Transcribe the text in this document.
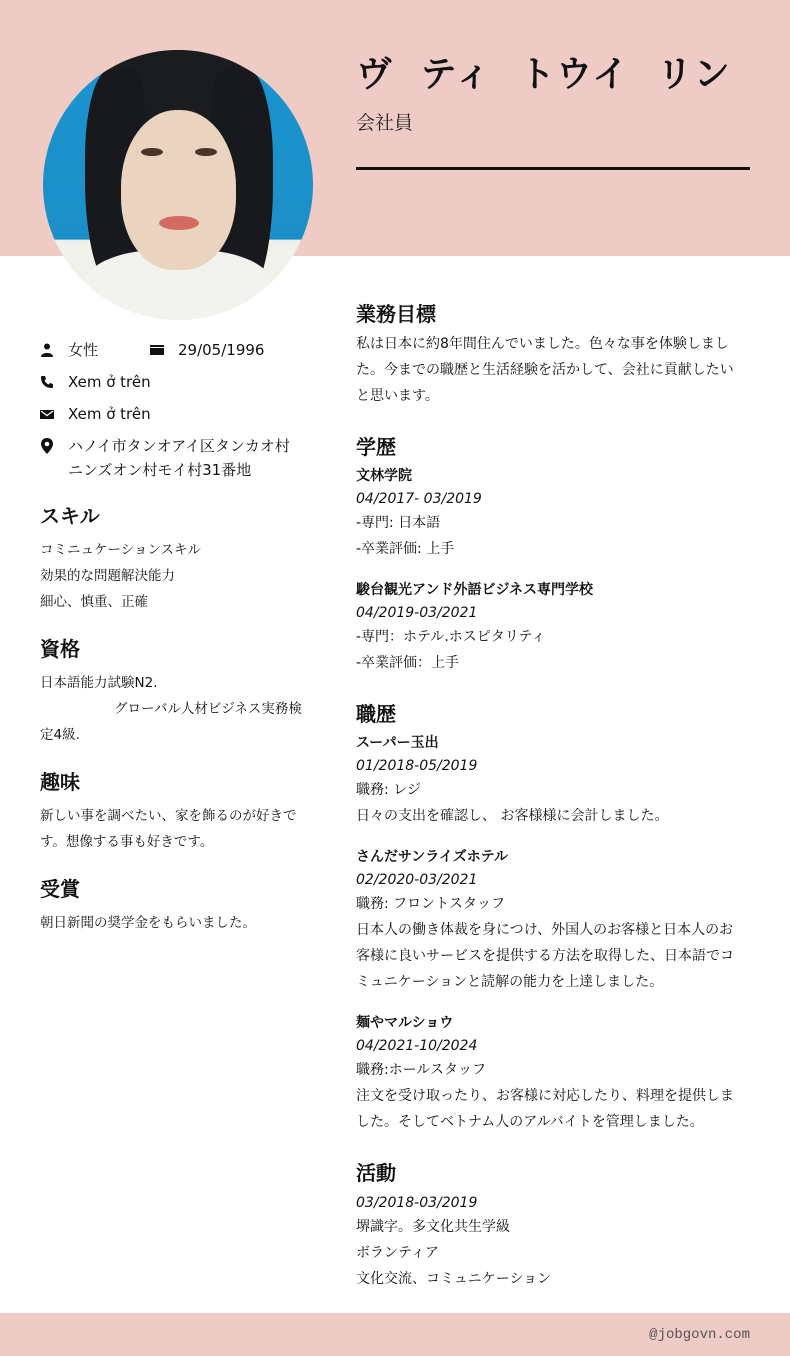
ヴ ティ トウイ リン
会社員
女性	29/05/1996
Xem ở trên
Xem ở trên
ハノイ市タンオアイ区タンカオ村
ニンズオン村モイ村31番地
スキル
コミニュケーションスキル
効果的な問題解決能力
細心、慎重、正確
資格
日本語能力試験N2.
グローバル人材ビジネス実務検
定4級.
趣味
新しい事を調べたい、家を飾るのが好きで
す。想像する事も好きです。
受賞
朝日新聞の奨学金をもらいました。
業務目標
私は日本に約8年間住んでいました。色々な事を体験しまし
た。今までの職歴と生活経験を活かして、会社に貢献したい
と思います。
学歴
文林学院
04/2017- 03/2019
-専門: 日本語
-卒業評価: 上手
駿台観光アンド外語ビジネス専門学校
04/2019-03/2021
-専門：ホテル.ホスピタリティ
-卒業評価：上手
職歴
スーパー玉出
01/2018-05/2019
職務: レジ
日々の支出を確認し、 お客様様に会計しました。
さんだサンライズホテル
02/2020-03/2021
職務: フロントスタッフ
日本人の働き体裁を身につけ、外国人のお客様と日本人のお
客様に良いサービスを提供する方法を取得した、日本語でコ
ミュニケーションと読解の能力を上達しました。
麺やマルショウ
04/2021-10/2024
職務:ホールスタッフ
注文を受け取ったり、お客様に対応したり、料理を提供しま
した。そしてベトナム人のアルバイトを管理しました。
活動
03/2018-03/2019
堺識字。多文化共生学級
ボランティア
文化交流、コミュニケーション
@jobgovn.com
